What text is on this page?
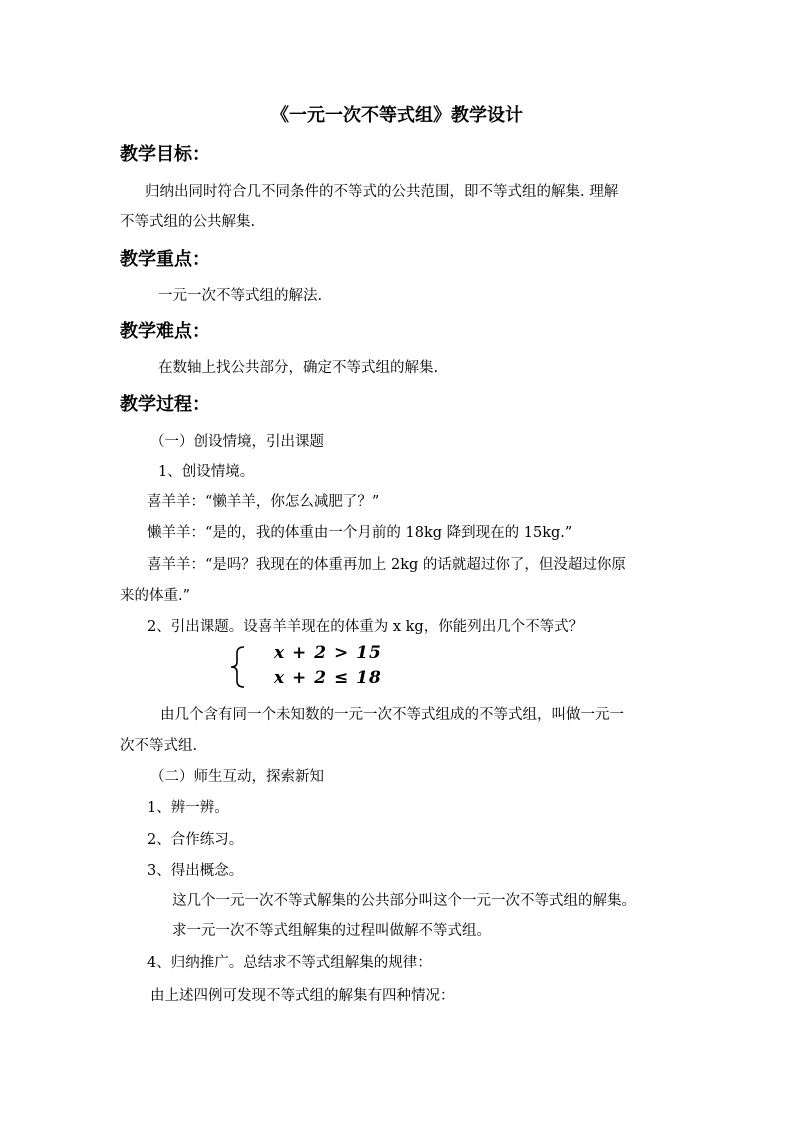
《一元一次不等式组》教学设计
教学目标：
归纳出同时符合几不同条件的不等式的公共范围，即不等式组的解集. 理解
不等式组的公共解集.
教学重点：
一元一次不等式组的解法.
教学难点：
在数轴上找公共部分，确定不等式组的解集.
教学过程：
（一）创设情境，引出课题
1、创设情境。
喜羊羊：“懒羊羊，你怎么减肥了？”
懒羊羊：“是的，我的体重由一个月前的 18kg 降到现在的 15kg.”
喜羊羊：“是吗？我现在的体重再加上 2kg 的话就超过你了，但没超过你原
来的体重.”
2、引出课题。设喜羊羊现在的体重为 x kg，你能列出几个不等式？
x + 2 > 15
x + 2 ≤ 18
由几个含有同一个未知数的一元一次不等式组成的不等式组，叫做一元一
次不等式组.
（二）师生互动，探索新知
1、辨一辨。
2、合作练习。
3、得出概念。
这几个一元一次不等式解集的公共部分叫这个一元一次不等式组的解集。
求一元一次不等式组解集的过程叫做解不等式组。
4、归纳推广。总结求不等式组解集的规律：
由上述四例可发现不等式组的解集有四种情况：
